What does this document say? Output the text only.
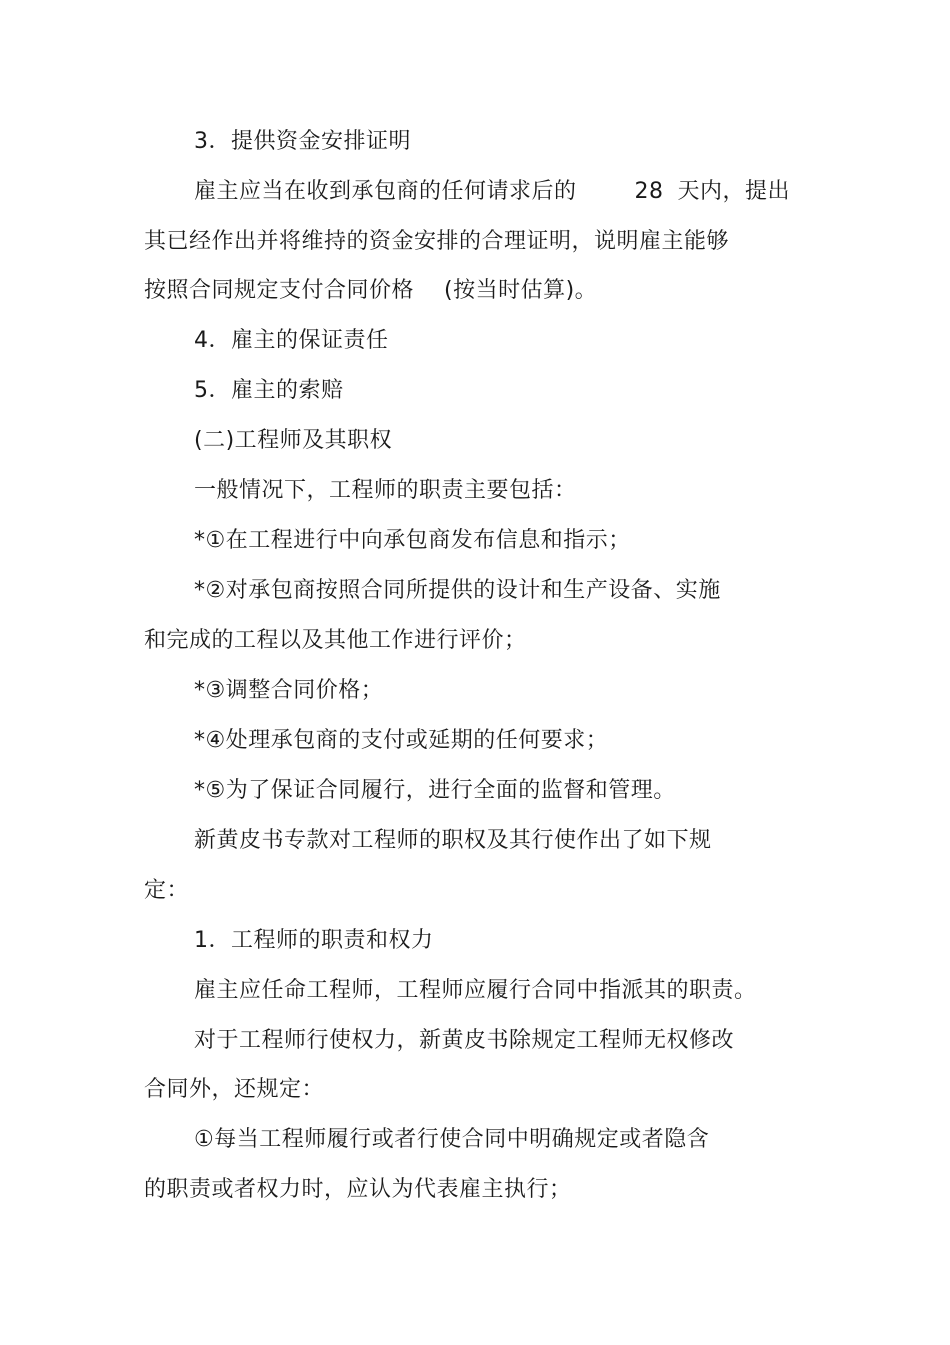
3．提供资金安排证明
雇主应当在收到承包商的任何请求后的	28 天内，提出
其已经作出并将维持的资金安排的合理证明，说明雇主能够
按照合同规定支付合同价格 (按当时估算)。
4．雇主的保证责任
5．雇主的索赔
(二)工程师及其职权
一般情况下，工程师的职责主要包括：
*①在工程进行中向承包商发布信息和指示；
*②对承包商按照合同所提供的设计和生产设备、实施
和完成的工程以及其他工作进行评价；
*③调整合同价格；
*④处理承包商的支付或延期的任何要求；
*⑤为了保证合同履行，进行全面的监督和管理。
新黄皮书专款对工程师的职权及其行使作出了如下规
定：
1．工程师的职责和权力
雇主应任命工程师，工程师应履行合同中指派其的职责。
对于工程师行使权力，新黄皮书除规定工程师无权修改
合同外，还规定：
①每当工程师履行或者行使合同中明确规定或者隐含
的职责或者权力时，应认为代表雇主执行；
